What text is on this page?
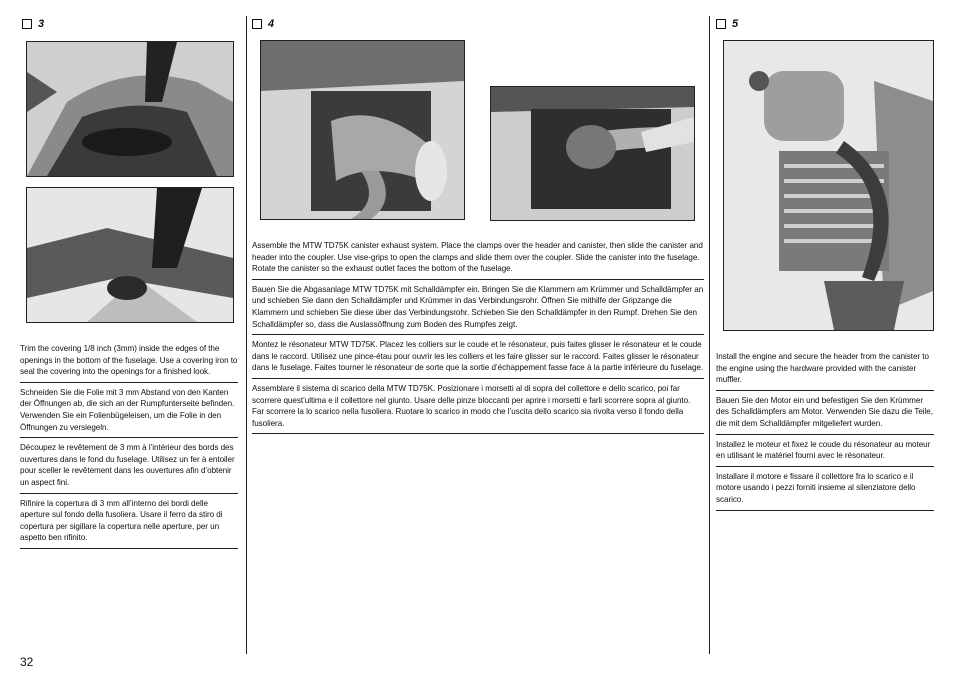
3
Trim the covering 1/8 inch (3mm) inside the edges of the openings in the bottom of the fuselage. Use a covering iron to seal the covering into the openings for a finished look.
Schneiden Sie die Folie mit 3 mm Abstand von den Kanten der Öffnungen ab, die sich an der Rumpfunterseite befinden. Verwenden Sie ein Folienbügeleisen, um die Folie in den Öffnungen zu versiegeln.
Découpez le revêtement de 3 mm à l’intérieur des bords des ouvertures dans le fond du fuselage. Utilisez un fer à entoiler pour sceller le revêtement dans les ouvertures afin d’obtenir un aspect fini.
Rifinire la copertura di 3 mm all’interno dei bordi delle aperture sul fondo della fusoliera. Usare il ferro da stiro di copertura per sigillare la copertura nelle aperture, per un aspetto ben rifinito.
4
Assemble the MTW TD75K canister exhaust system. Place the clamps over the header and canister, then slide the canister and header into the coupler. Use vise-grips to open the clamps and slide them over the coupler. Slide the canister into the fuselage. Rotate the canister so the exhaust outlet faces the bottom of the fuselage.
Bauen Sie die Abgasanlage MTW TD75K mit Schalldämpfer ein. Bringen Sie die Klammern am Krümmer und Schalldämpfer an und schieben Sie dann den Schalldämpfer und Krümmer in das Verbindungsrohr. Öffnen Sie mithilfe der Gripzange die Klammern und schieben Sie diese über das Verbindungsrohr. Schieben Sie den Schalldämpfer in den Rumpf. Drehen Sie den Schalldämpfer so, dass die Auslassöffnung zum Boden des Rumpfes zeigt.
Montez le résonateur MTW TD75K. Placez les colliers sur le coude et le résonateur, puis faites glisser le résonateur et le coude dans le raccord. Utilisez une pince-étau pour ouvrir les les colliers et les faire glisser sur le raccord. Faites glisser le résonateur dans le fuselage. Faites tourner le résonateur de sorte que la sortie d’échappement fasse face à la partie inférieure du fuselage.
Assemblare il sistema di scarico della MTW TD75K. Posizionare i morsetti al di sopra del collettore e dello scarico, poi far scorrere quest’ultima e il collettore nel giunto. Usare delle pinze bloccanti per aprire i morsetti e farli scorrere sopra al giunto. Far scorrere la lo scarico nella fusoliera. Ruotare lo scarico in modo che l’uscita dello scarico sia rivolta verso il fondo della fusoliera.
5
Install the engine and secure the header from the canister to the engine using the hardware provided with the canister muffler.
Bauen Sie den Motor ein und befestigen Sie den Krümmer des Schalldämpfers am Motor. Verwenden Sie dazu die Teile, die mit dem Schalldämpfer mitgeliefert wurden.
Installez le moteur et fixez le coude du résonateur au moteur en utilisant le matériel fourni avec le résonateur.
Installare il motore e fissare il collettore fra lo scarico e il motore usando i pezzi forniti insieme al silenziatore dello scarico.
32
